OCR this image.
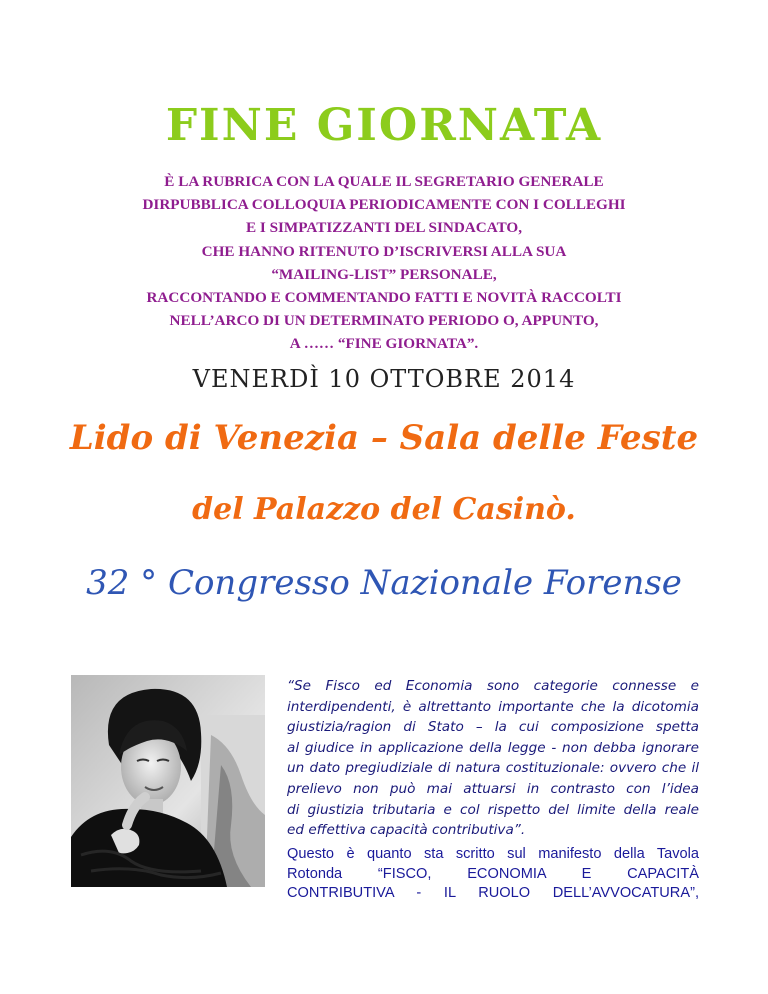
FINE GIORNATA
È LA RUBRICA CON LA QUALE IL SEGRETARIO GENERALE
DIRPUBBLICA COLLOQUIA PERIODICAMENTE CON I COLLEGHI
E I SIMPATIZZANTI DEL SINDACATO,
CHE HANNO RITENUTO D’ISCRIVERSI ALLA SUA
“MAILING-LIST” PERSONALE,
RACCONTANDO E COMMENTANDO FATTI E NOVITÀ RACCOLTI
NELL’ARCO DI UN DETERMINATO PERIODO O, APPUNTO,
A …… “FINE GIORNATA”.
VENERDÌ 10 OTTOBRE 2014
Lido di Venezia – Sala delle Feste
del Palazzo del Casinò.
32 ° Congresso Nazionale Forense
“Se Fisco ed Economia sono categorie connesse e
interdipendenti, è altrettanto importante che la dicotomia
giustizia/ragion di Stato – la cui composizione spetta
al giudice in applicazione della legge - non debba ignorare
un dato pregiudiziale di natura costituzionale: ovvero che il
prelievo non può mai attuarsi in contrasto con l’idea
di giustizia tributaria e col rispetto del limite della reale
ed effettiva capacità contributiva”.
Questo è quanto sta scritto sul manifesto della Tavola
Rotonda “FISCO, ECONOMIA E CAPACITÀ
CONTRIBUTIVA - IL RUOLO DELL’AVVOCATURA”,
